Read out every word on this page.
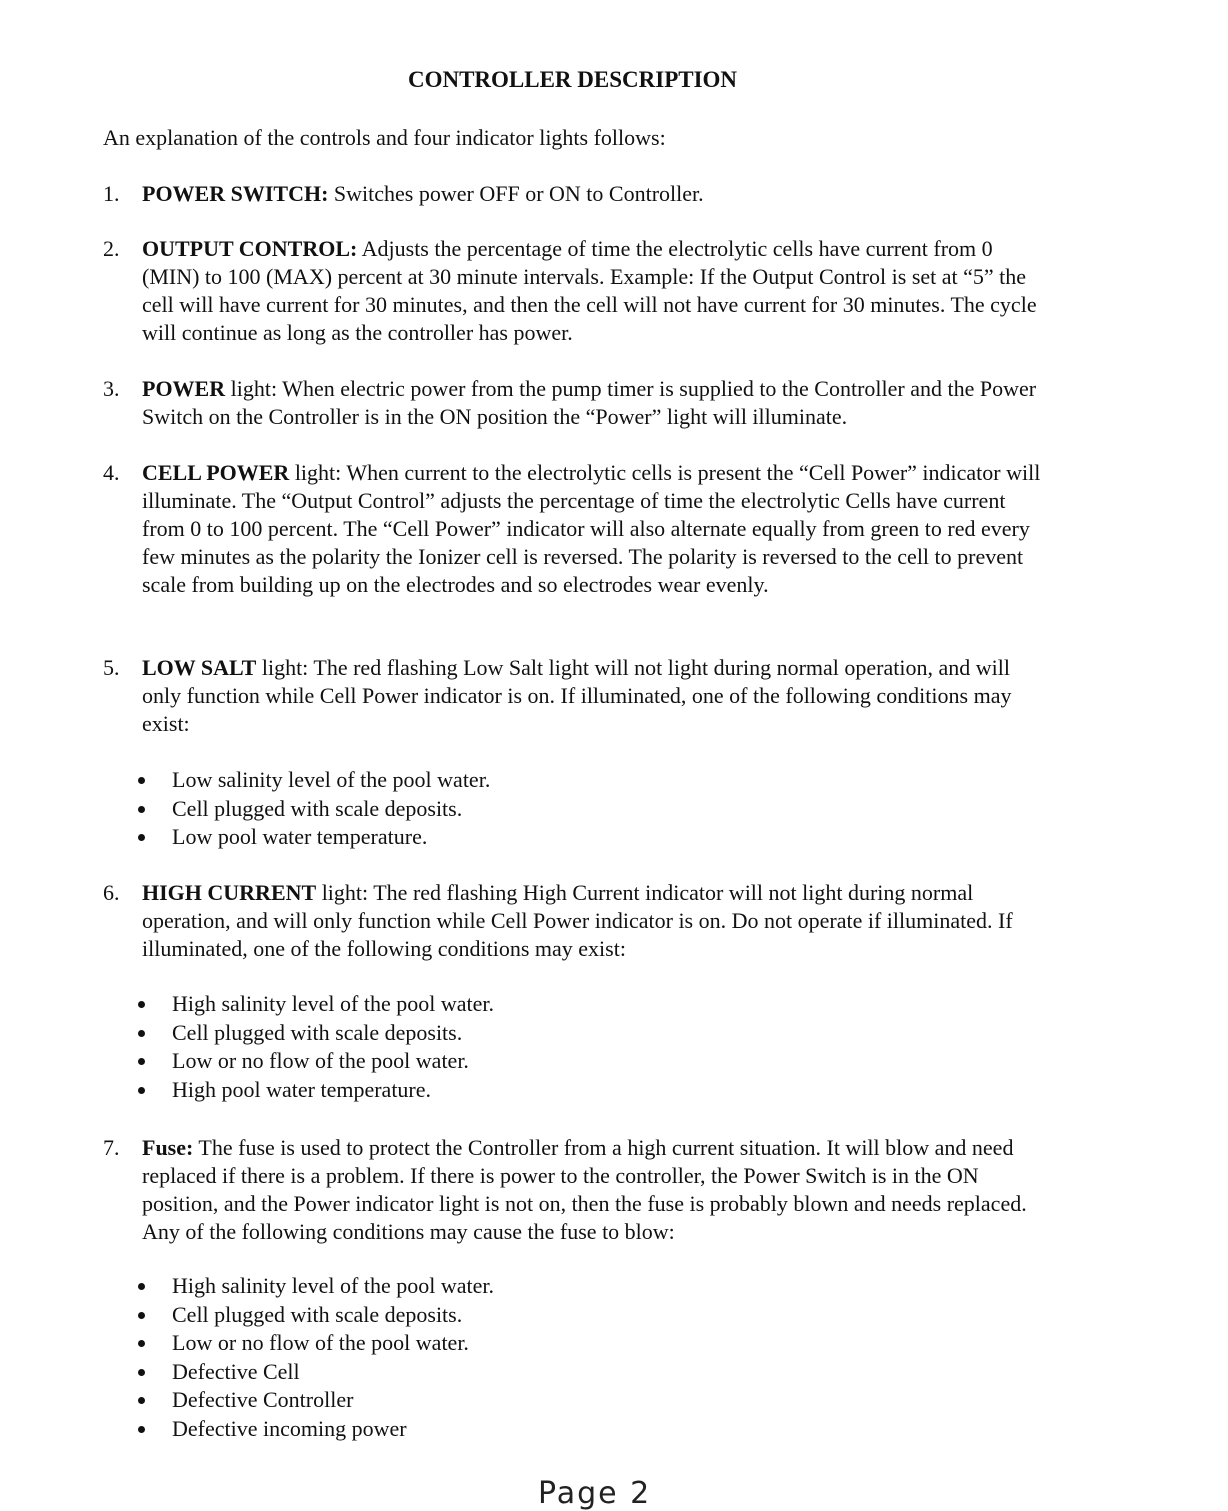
CONTROLLER DESCRIPTION
An explanation of the controls and four indicator lights follows:
1.	POWER SWITCH: Switches power OFF or ON to Controller.
2.	OUTPUT CONTROL: Adjusts the percentage of time the electrolytic cells have current from 0 (MIN) to 100 (MAX) percent at 30 minute intervals. Example: If the Output Control is set at “5” the cell will have current for 30 minutes, and then the cell will not have current for 30 minutes. The cycle will continue as long as the controller has power.
3.	POWER light: When electric power from the pump timer is supplied to the Controller and the Power Switch on the Controller is in the ON position the “Power” light will illuminate.
4.	CELL POWER light: When current to the electrolytic cells is present the “Cell Power” indicator will illuminate. The “Output Control” adjusts the percentage of time the electrolytic Cells have current from 0 to 100 percent. The “Cell Power” indicator will also alternate equally from green to red every few minutes as the polarity the Ionizer cell is reversed. The polarity is reversed to the cell to prevent scale from building up on the electrodes and so electrodes wear evenly.
5.	LOW SALT light: The red flashing Low Salt light will not light during normal operation, and will only function while Cell Power indicator is on. If illuminated, one of the following conditions may exist:
Low salinity level of the pool water.
Cell plugged with scale deposits.
Low pool water temperature.
6.	HIGH CURRENT light: The red flashing High Current indicator will not light during normal operation, and will only function while Cell Power indicator is on. Do not operate if illuminated. If illuminated, one of the following conditions may exist:
High salinity level of the pool water.
Cell plugged with scale deposits.
Low or no flow of the pool water.
High pool water temperature.
7.	Fuse: The fuse is used to protect the Controller from a high current situation. It will blow and need replaced if there is a problem. If there is power to the controller, the Power Switch is in the ON position, and the Power indicator light is not on, then the fuse is probably blown and needs replaced. Any of the following conditions may cause the fuse to blow:
High salinity level of the pool water.
Cell plugged with scale deposits.
Low or no flow of the pool water.
Defective Cell
Defective Controller
Defective incoming power
Page 2
